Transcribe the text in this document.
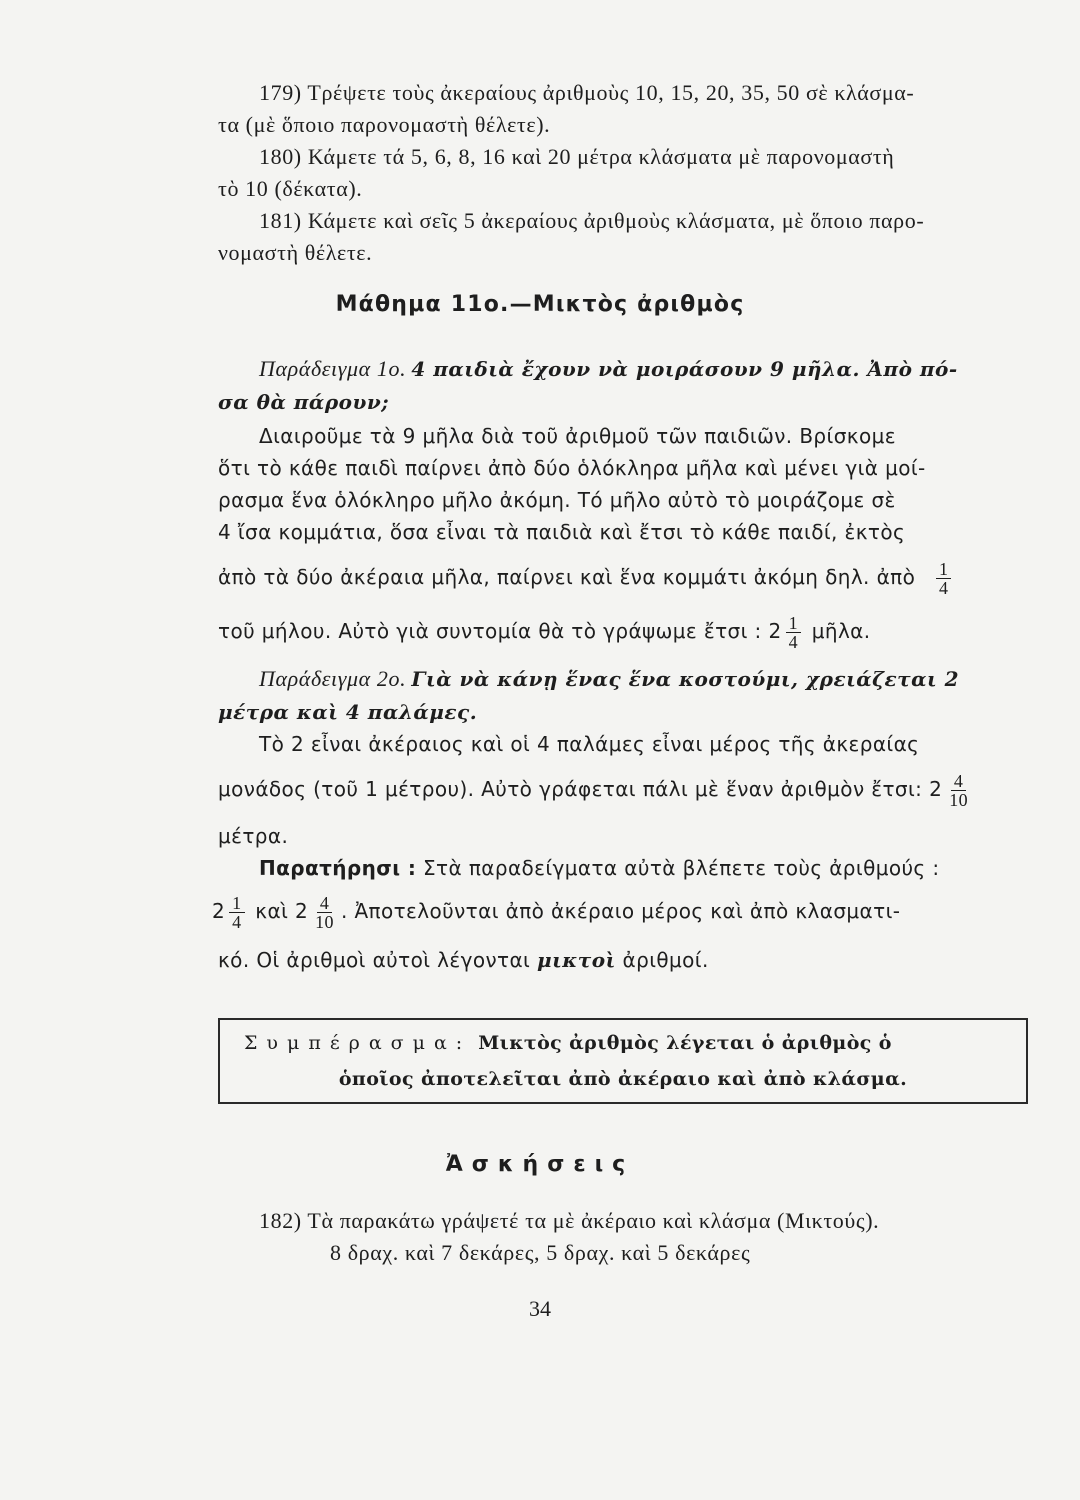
179) Τρέψετε τοὺς ἀκεραίους ἀριθμοὺς 10, 15, 20, 35, 50 σὲ κλάσμα-
τα (μὲ ὅποιο παρονομαστὴ θέλετε).
180) Κάμετε τά 5, 6, 8, 16 καὶ 20 μέτρα κλάσματα μὲ παρονομαστὴ
τὸ 10 (δέκατα).
181) Κάμετε καὶ σεῖς 5 ἀκεραίους ἀριθμοὺς κλάσματα, μὲ ὅποιο παρο-
νομαστὴ θέλετε.
Μάθημα 11ο.—Μικτὸς ἀριθμὸς
Παράδειγμα 1ο. 4 παιδιὰ ἔχουν νὰ μοιράσουν 9 μῆλα. Ἀπὸ πό-
σα θὰ πάρουν;
Διαιροῦμε τὰ 9 μῆλα διὰ τοῦ ἀριθμοῦ τῶν παιδιῶν. Βρίσκομε
ὅτι τὸ κάθε παιδὶ παίρνει ἀπὸ δύο ὁλόκληρα μῆλα καὶ μένει γιὰ μοί-
ρασμα ἕνα ὁλόκληρο μῆλο ἀκόμη. Τό μῆλο αὐτὸ τὸ μοιράζομε σὲ
4 ἴσα κομμάτια, ὅσα εἶναι τὰ παιδιὰ καὶ ἔτσι τὸ κάθε παιδί, ἐκτὸς
ἀπὸ τὰ δύο ἀκέραια μῆλα, παίρνει καὶ ἕνα κομμάτι ἀκόμη δηλ. ἀπὸ $\frac{1}{4}$
τοῦ μήλου. Αὐτὸ γιὰ συντομία θὰ τὸ γράψωμε ἔτσι : $2 \frac{1}{4}$ μῆλα.
Παράδειγμα 2ο. Γιὰ νὰ κάνῃ ἕνας ἕνα κοστούμι, χρειάζεται 2
μέτρα καὶ 4 παλάμες.
Τὸ 2 εἶναι ἀκέραιος καὶ οἱ 4 παλάμες εἶναι μέρος τῆς ἀκεραίας
μονάδος (τοῦ 1 μέτρου). Αὐτὸ γράφεται πάλι μὲ ἕναν ἀριθμὸν ἔτσι: $2 \frac{4}{10}$
μέτρα.
Παρατήρησι : Στὰ παραδείγματα αὐτὰ βλέπετε τοὺς ἀριθμούς :
$2 \frac{1}{4}$ καὶ $2 \frac{4}{10}$ . Ἀποτελοῦνται ἀπὸ ἀκέραιο μέρος καὶ ἀπὸ κλασματι-
κό. Οἱ ἀριθμοὶ αὐτοὶ λέγονται μικτοὶ ἀριθμοί.
Συμπέρασμα: Μικτὸς ἀριθμὸς λέγεται ὁ ἀριθμὸς ὁ
ὁποῖος ἀποτελεῖται ἀπὸ ἀκέραιο καὶ ἀπὸ κλάσμα.
Ἀσκήσεις
182) Τὰ παρακάτω γράψετέ τα μὲ ἀκέραιο καὶ κλάσμα (Μικτούς).
8 δραχ. καὶ 7 δεκάρες, 5 δραχ. καὶ 5 δεκάρες
34
